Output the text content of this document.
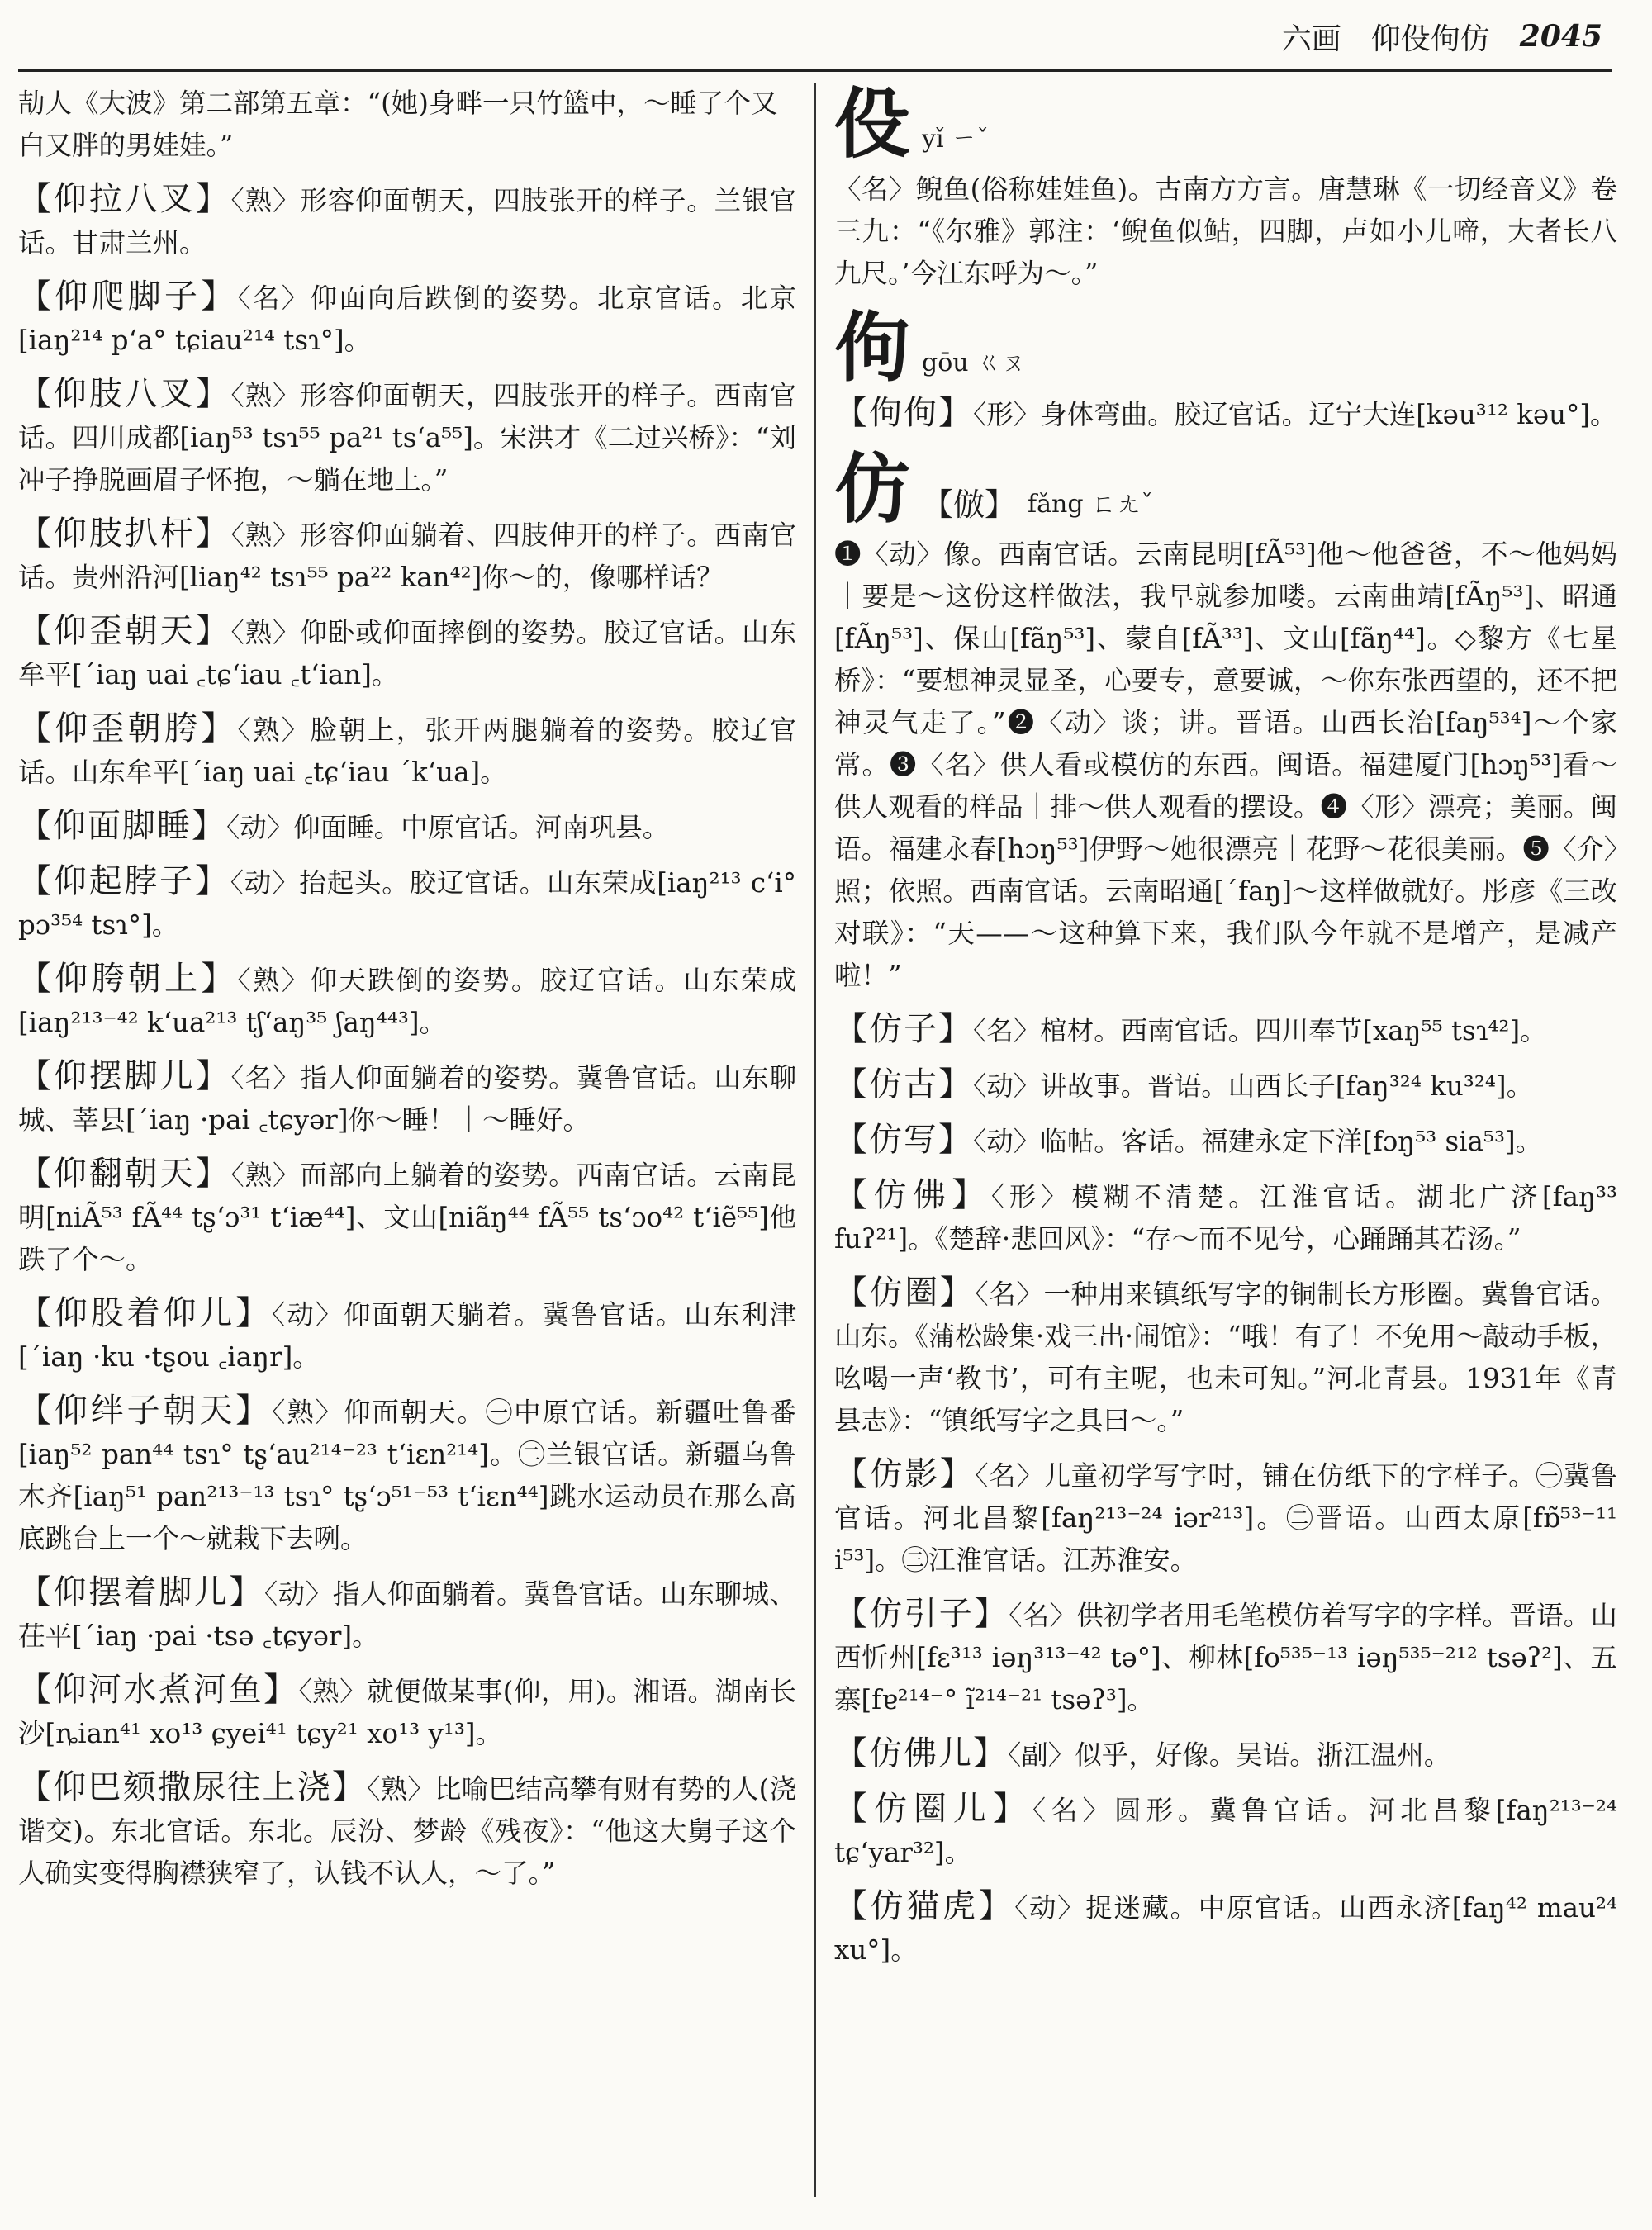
六画 仰伇佝仿 2045
劼人《大波》第二部第五章：“(她)身畔一只竹篮中，～睡了个又白又胖的男娃娃。”

【仰拉八叉】〈熟〉形容仰面朝天，四肢张开的样子。兰银官话。甘肃兰州。

【仰爬脚子】〈名〉仰面向后跌倒的姿势。北京官话。北京[iaŋ²¹⁴ p‘a° tɕiau²¹⁴ tsɿ°]。

【仰肢八叉】〈熟〉形容仰面朝天，四肢张开的样子。西南官话。四川成都[iaŋ⁵³ tsɿ⁵⁵ pa²¹ ts‘a⁵⁵]。宋洪才《二过兴桥》：“刘冲子挣脱画眉子怀抱，～躺在地上。”

【仰肢扒杆】〈熟〉形容仰面躺着、四肢伸开的样子。西南官话。贵州沿河[liaŋ⁴² tsɿ⁵⁵ pa²² kan⁴²]你～的，像哪样话？

【仰歪朝天】〈熟〉仰卧或仰面摔倒的姿势。胶辽官话。山东牟平[ˊiaŋ uai ꜀tɕ‘iau ꜀t‘ian]。

【仰歪朝胯】〈熟〉脸朝上，张开两腿躺着的姿势。胶辽官话。山东牟平[ˊiaŋ uai ꜀tɕ‘iau ˊk‘ua]。

【仰面脚睡】〈动〉仰面睡。中原官话。河南巩县。

【仰起脖子】〈动〉抬起头。胶辽官话。山东荣成[iaŋ²¹³ c‘i° pɔ³⁵⁴ tsɿ°]。

【仰胯朝上】〈熟〉仰天跌倒的姿势。胶辽官话。山东荣成[iaŋ²¹³⁻⁴² k‘ua²¹³ tʃ‘aŋ³⁵ ʃaŋ⁴⁴³]。

【仰摆脚儿】〈名〉指人仰面躺着的姿势。冀鲁官话。山东聊城、莘县[ˊiaŋ ·pai ꜀tɕyər]你～睡！｜～睡好。

【仰翻朝天】〈熟〉面部向上躺着的姿势。西南官话。云南昆明[niÃ⁵³ fÃ⁴⁴ tʂ‘ɔ³¹ t‘iæ⁴⁴]、文山[niãŋ⁴⁴ fÃ⁵⁵ ts‘ɔo⁴² t‘iẽ⁵⁵]他跌了个～。

【仰股着仰儿】〈动〉仰面朝天躺着。冀鲁官话。山东利津[ˊiaŋ ·ku ·tʂou ꜀iaŋr]。

【仰绊子朝天】〈熟〉仰面朝天。㊀中原官话。新疆吐鲁番[iaŋ⁵² pan⁴⁴ tsɿ° tʂ‘au²¹⁴⁻²³ t‘iɛn²¹⁴]。㊁兰银官话。新疆乌鲁木齐[iaŋ⁵¹ pan²¹³⁻¹³ tsɿ° tʂ‘ɔ⁵¹⁻⁵³ t‘iɛn⁴⁴]跳水运动员在那么高底跳台上一个～就栽下去咧。

【仰摆着脚儿】〈动〉指人仰面躺着。冀鲁官话。山东聊城、茌平[ˊiaŋ ·pai ·tsə ꜀tɕyər]。

【仰河水煮河鱼】〈熟〉就便做某事(仰，用)。湘语。湖南长沙[ȵian⁴¹ xo¹³ ɕyei⁴¹ tɕy²¹ xo¹³ y¹³]。

【仰巴颏撒尿往上浇】〈熟〉比喻巴结高攀有财有势的人(浇谐交)。东北官话。东北。辰汾、梦龄《残夜》：“他这大舅子这个人确实变得胸襟狭窄了，认钱不认人，～了。”

伇 yǐ ㄧˇ
〈名〉鲵鱼(俗称娃娃鱼)。古南方方言。唐慧琳《一切经音义》卷三九：“《尔雅》郭注：‘鲵鱼似鲇，四脚，声如小儿啼，大者长八九尺。’今江东呼为～。”
佝 gōu ㄍㄡ

【佝佝】〈形〉身体弯曲。胶辽官话。辽宁大连[kəu³¹² kəu°]。

仿 【倣】 fǎng ㄈㄤˇ
❶〈动〉像。西南官话。云南昆明[fÃ⁵³]他～他爸爸，不～他妈妈｜要是～这份这样做法，我早就参加喽。云南曲靖[fÃŋ⁵³]、昭通[fÃŋ⁵³]、保山[fãŋ⁵³]、蒙自[fÃ³³]、文山[fãŋ⁴⁴]。◇黎方《七星桥》：“要想神灵显圣，心要专，意要诚，～你东张西望的，还不把神灵气走了。”❷〈动〉谈；讲。晋语。山西长治[faŋ⁵³⁴]～个家常。❸〈名〉供人看或模仿的东西。闽语。福建厦门[hɔŋ⁵³]看～供人观看的样品｜排～供人观看的摆设。❹〈形〉漂亮；美丽。闽语。福建永春[hɔŋ⁵³]伊野～她很漂亮｜花野～花很美丽。❺〈介〉照；依照。西南官话。云南昭通[ˊfaŋ]～这样做就好。彤彦《三改对联》：“天——～这种算下来，我们队今年就不是增产，是减产啦！”

【仿子】〈名〉棺材。西南官话。四川奉节[xaŋ⁵⁵ tsɿ⁴²]。

【仿古】〈动〉讲故事。晋语。山西长子[faŋ³²⁴ ku³²⁴]。

【仿写】〈动〉临帖。客话。福建永定下洋[fɔŋ⁵³ sia⁵³]。

【仿佛】〈形〉模糊不清楚。江淮官话。湖北广济[faŋ³³ fuʔ²¹]。《楚辞·悲回风》：“存～而不见兮，心踊踊其若汤。”

【仿圈】〈名〉一种用来镇纸写字的铜制长方形圈。冀鲁官话。山东。《蒲松龄集·戏三出·闹馆》：“哦！有了！不免用～敲动手板，吆喝一声‘教书’，可有主呢，也未可知。”河北青县。1931年《青县志》：“镇纸写字之具曰～。”

【仿影】〈名〉儿童初学写字时，铺在仿纸下的字样子。㊀冀鲁官话。河北昌黎[faŋ²¹³⁻²⁴ iər²¹³]。㊁晋语。山西太原[fɒ̃⁵³⁻¹¹ i⁵³]。㊂江淮官话。江苏淮安。

【仿引子】〈名〉供初学者用毛笔模仿着写字的字样。晋语。山西忻州[fɛ³¹³ iəŋ³¹³⁻⁴² tə°]、柳林[fo⁵³⁵⁻¹³ iəŋ⁵³⁵⁻²¹² tsəʔ²]、五寨[fɐ²¹⁴⁻° ĩ²¹⁴⁻²¹ tsəʔ³]。

【仿佛儿】〈副〉似乎，好像。吴语。浙江温州。

【仿圈儿】〈名〉圆形。冀鲁官话。河北昌黎[faŋ²¹³⁻²⁴ tɕ‘yar³²]。

【仿猫虎】〈动〉捉迷藏。中原官话。山西永济[faŋ⁴² mau²⁴ xu°]。
